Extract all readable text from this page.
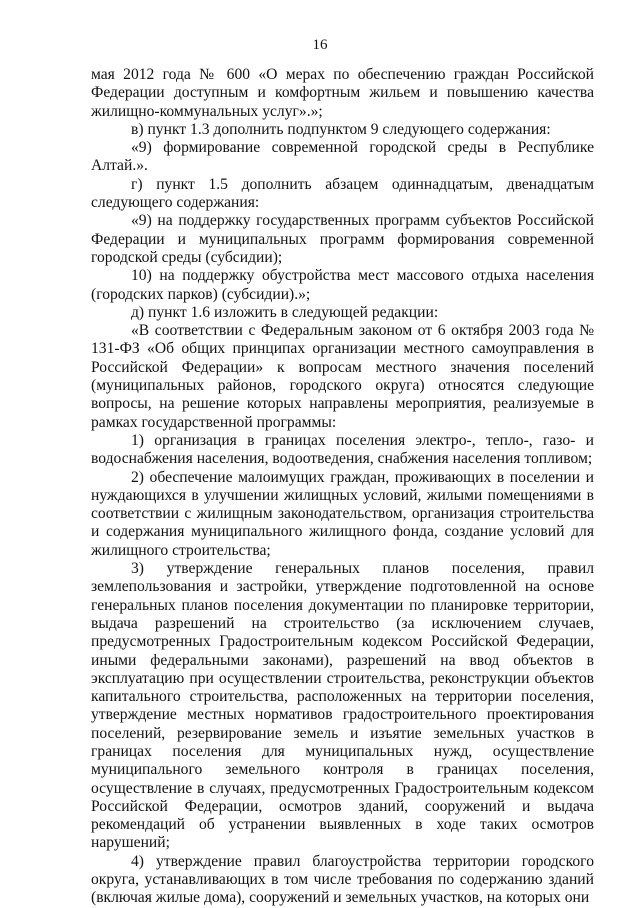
16

мая 2012 года № 600 «О мерах по обеспечению граждан Российской Федерации доступным и комфортным жильем и повышению качества жилищно-коммунальных услуг».»;

в) пункт 1.3 дополнить подпунктом 9 следующего содержания:

«9) формирование современной городской среды в Республике Алтай.».

г) пункт 1.5 дополнить абзацем одиннадцатым, двенадцатым следующего содержания:

«9) на поддержку государственных программ субъектов Российской Федерации и муниципальных программ формирования современной городской среды (субсидии);

10) на поддержку обустройства мест массового отдыха населения (городских парков) (субсидии).»;

д) пункт 1.6 изложить в следующей редакции:

«В соответствии с Федеральным законом от 6 октября 2003 года № 131-ФЗ «Об общих принципах организации местного самоуправления в Российской Федерации» к вопросам местного значения поселений (муниципальных районов, городского округа) относятся следующие вопросы, на решение которых направлены мероприятия, реализуемые в рамках государственной программы:

1) организация в границах поселения электро-, тепло-, газо- и водоснабжения населения, водоотведения, снабжения населения топливом;

2) обеспечение малоимущих граждан, проживающих в поселении и нуждающихся в улучшении жилищных условий, жилыми помещениями в соответствии с жилищным законодательством, организация строительства и содержания муниципального жилищного фонда, создание условий для жилищного строительства;

3) утверждение генеральных планов поселения, правил землепользования и застройки, утверждение подготовленной на основе генеральных планов поселения документации по планировке территории, выдача разрешений на строительство (за исключением случаев, предусмотренных Градостроительным кодексом Российской Федерации, иными федеральными законами), разрешений на ввод объектов в эксплуатацию при осуществлении строительства, реконструкции объектов капитального строительства, расположенных на территории поселения, утверждение местных нормативов градостроительного проектирования поселений, резервирование земель и изъятие земельных участков в границах поселения для муниципальных нужд, осуществление муниципального земельного контроля в границах поселения, осуществление в случаях, предусмотренных Градостроительным кодексом Российской Федерации, осмотров зданий, сооружений и выдача рекомендаций об устранении выявленных в ходе таких осмотров нарушений;

4) утверждение правил благоустройства территории городского округа, устанавливающих в том числе требования по содержанию зданий (включая жилые дома), сооружений и земельных участков, на которых они
